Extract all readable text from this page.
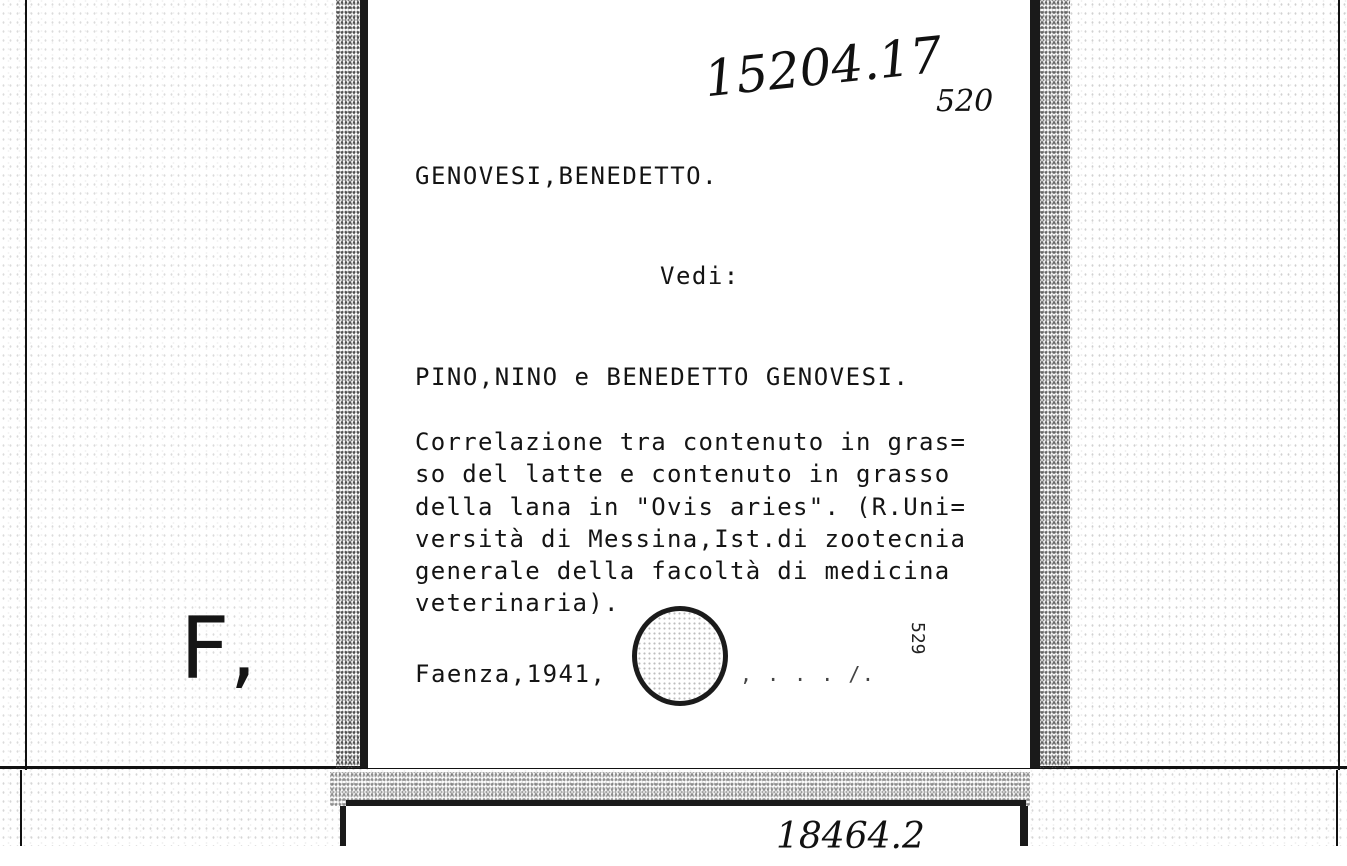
15204.17
520
GENOVESI,BENEDETTO.
Vedi:
PINO,NINO e BENEDETTO GENOVESI.
Correlazione tra contenuto in gras=
so del latte e contenuto in grasso
della lana in "Ovis aries". (R.Uni=
versità di Messina,Ist.di zootecnia
generale della facoltà di medicina
veterinaria).
Faenza,1941,	, . . . /.
529
F,
18464.2
